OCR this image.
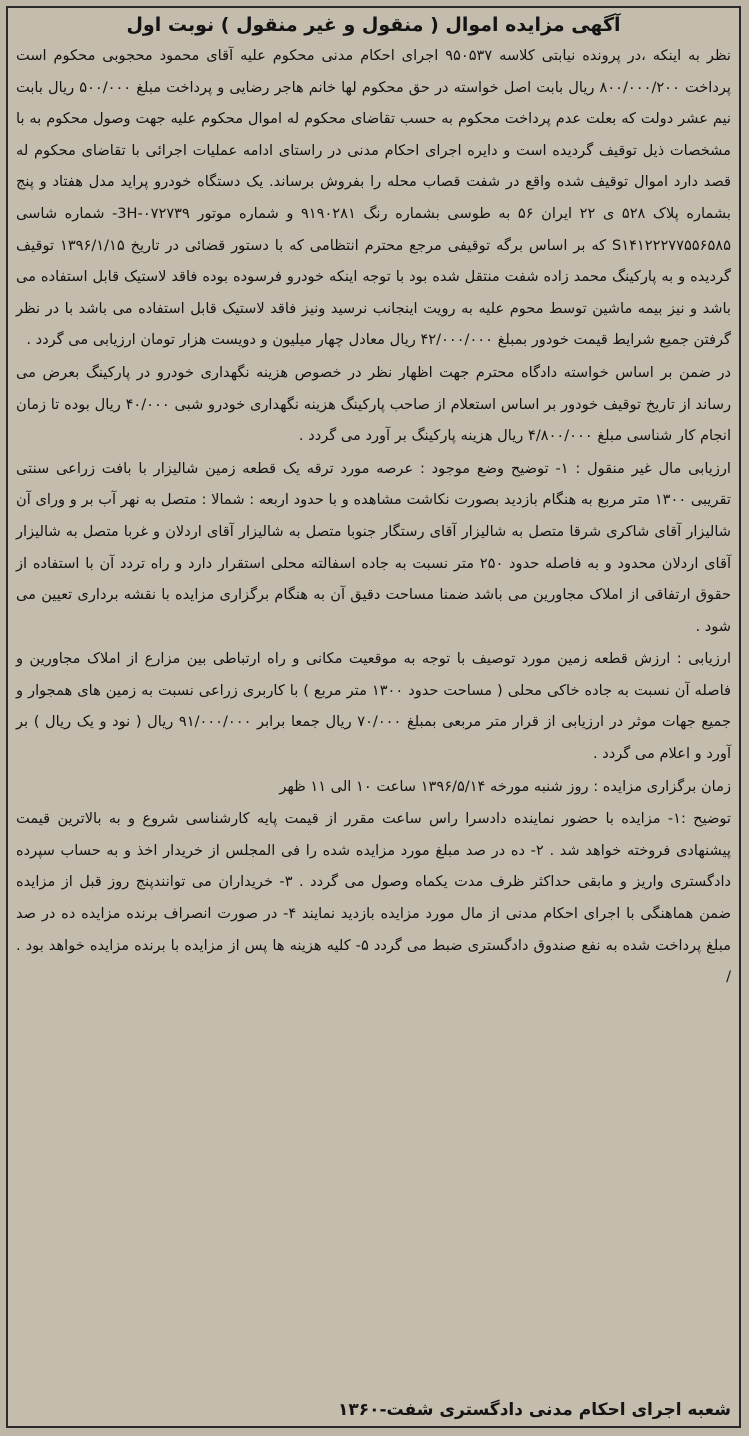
آگهی مزایده اموال ( منقول و غیر منقول ) نوبت اول

نظر به اینکه ،در پرونده نیابتی کلاسه ۹۵۰۵۳۷ اجرای احکام مدنی محکوم علیه آقای محمود محجوبی محکوم است پرداخت ۸۰۰/۰۰۰/۲۰۰ ریال بابت اصل خواسته در حق محکوم لها خانم هاجر رضایی و پرداخت مبلغ ۵۰۰/۰۰۰ ریال بابت نیم عشر دولت که بعلت عدم پرداخت محکوم به حسب تقاضای محکوم له اموال محکوم علیه جهت وصول محکوم به با مشخصات ذیل توقیف گردیده است و دایره اجرای احکام مدنی در راستای ادامه عملیات اجرائی با تقاضای محکوم له قصد دارد اموال توقیف شده واقع در شفت قصاب محله را بفروش برساند. یک دستگاه خودرو پراید مدل هفتاد و پنج بشماره پلاک ۵۲۸ ی ۲۲ ایران ۵۶ به طوسی بشماره رنگ ۹۱۹۰۲۸۱ و شماره موتور ۰۷۲۷۳۹-3H- شماره شاسی S۱۴۱۲۲۲۷۷۵۵۶۵۸۵ که بر اساس برگه توقیفی مرجع محترم انتظامی که با دستور قضائی در تاریخ ۱۳۹۶/۱/۱۵ توقیف گردیده و به پارکینگ محمد زاده شفت منتقل شده بود با توجه اینکه خودرو فرسوده بوده فاقد لاستیک قابل استفاده می باشد و نیز بیمه ماشین توسط محوم علیه به رویت اینجانب نرسید ونیز فاقد لاستیک قابل استفاده می باشد با در نظر گرفتن جمیع شرایط قیمت خودور بمبلغ ۴۲/۰۰۰/۰۰۰ ریال معادل چهار میلیون و دویست هزار تومان ارزیابی می گردد .

در ضمن بر اساس خواسته دادگاه محترم جهت اظهار نظر در خصوص هزینه نگهداری خودرو در پارکینگ بعرض می رساند از تاریخ توقیف خودور بر اساس استعلام از صاحب پارکینگ هزینه نگهداری خودرو شبی ۴۰/۰۰۰ ریال بوده تا زمان انجام کار شناسی مبلغ ۴/۸۰۰/۰۰۰ ریال هزینه پارکینگ بر آورد می گردد .

ارزیابی مال غیر منقول : ۱- توضیح وضع موجود : عرصه مورد ترقه یک قطعه زمین شالیزار با بافت زراعی سنتی تقریبی ۱۳۰۰ متر مربع به هنگام بازدید بصورت نکاشت مشاهده و با حدود اربعه : شمالا : متصل به نهر آب بر و ورای آن شالیزار آقای شاکری شرقا متصل به شالیزار آقای رستگار جنوبا متصل به شالیزار آقای اردلان و غربا متصل به شالیزار آقای اردلان محدود و به فاصله حدود ۲۵۰ متر نسبت به جاده اسفالته محلی استقرار دارد و راه تردد آن با استفاده از حقوق ارتفاقی از املاک مجاورین می باشد ضمنا مساحت دقیق آن به هنگام برگزاری مزایده با نقشه برداری تعیین می شود .

ارزیابی : ارزش قطعه زمین مورد توصیف با توجه به موقعیت مکانی و راه ارتباطی بین مزارع از املاک مجاورین و فاصله آن نسبت به جاده خاکی محلی ( مساحت حدود ۱۳۰۰ متر مربع ) با کاربری زراعی نسبت به زمین های همجوار و جمیع جهات موثر در ارزیابی از قرار متر مربعی بمبلغ ۷۰/۰۰۰ ریال جمعا برابر ۹۱/۰۰۰/۰۰۰ ریال ( نود و یک ریال ) بر آورد و اعلام می گردد .

زمان برگزاری مزایده : روز شنبه مورخه ۱۳۹۶/۵/۱۴ ساعت ۱۰ الی ۱۱ ظهر

توضیح :۱- مزایده با حضور نماینده دادسرا راس ساعت مقرر از قیمت پایه کارشناسی شروع و به بالاترین قیمت پیشنهادی فروخته خواهد شد . ۲- ده در صد مبلغ مورد مزایده شده را فی المجلس از خریدار اخذ و به حساب سپرده دادگستری واریز و مابقی حداکثر ظرف مدت یکماه وصول می گردد . ۳- خریداران می توانندپنج روز قبل از مزایده ضمن هماهنگی با اجرای احکام مدنی از مال مورد مزایده بازدید نمایند ۴- در صورت انصراف برنده مزایده ده در صد مبلغ پرداخت شده به نفع صندوق دادگستری ضبط می گردد ۵- کلیه هزینه ها پس از مزایده با برنده مزایده خواهد بود . /

شعبه اجرای احکام مدنی دادگستری شفت-۱۳۶۰
